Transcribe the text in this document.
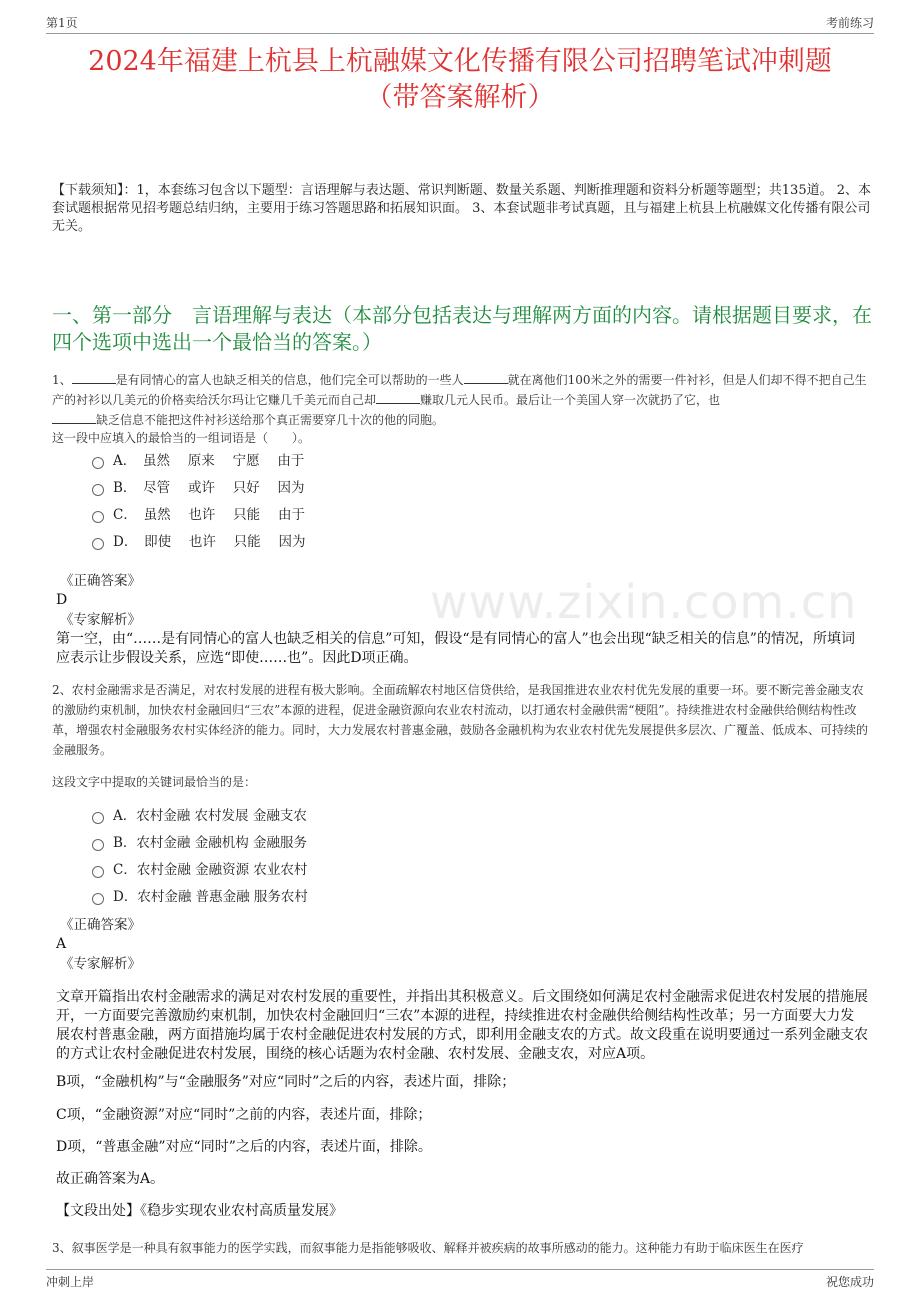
第1页	考前练习
2024年福建上杭县上杭融媒文化传播有限公司招聘笔试冲刺题
（带答案解析）
【下载须知】：1，本套练习包含以下题型：言语理解与表达题、常识判断题、数量关系题、判断推理题和资料分析题等题型；共135道。 2、本套试题根据常见招考题总结归纳，主要用于练习答题思路和拓展知识面。 3、本套试题非考试真题，且与福建上杭县上杭融媒文化传播有限公司无关。
一、第一部分　言语理解与表达（本部分包括表达与理解两方面的内容。请根据题目要求，在四个选项中选出一个最恰当的答案。）
www.zixin.com.cn
1、	是有同情心的富人也缺乏相关的信息，他们完全可以帮助的一些人	就在离他们100米之外的需要一件衬衫，但是人们却不得不把自己生产的衬衫以几美元的价格卖给沃尔玛让它赚几千美元而自己却	赚取几元人民币。最后让一个美国人穿一次就扔了它，也
缺乏信息不能把这件衬衫送给那个真正需要穿几十次的他的同胞。
这一段中应填入的最恰当的一组词语是（　　）。
A．　虽然　 原来　 宁愿　 由于
B．　尽管　 或许　 只好　 因为
C．　虽然　 也许　 只能　 由于
D．　即使　 也许　 只能　 因为
《正确答案》
D
《专家解析》
第一空，由“……是有同情心的富人也缺乏相关的信息”可知，假设“是有同情心的富人”也会出现“缺乏相关的信息”的情况，所填词应表示让步假设关系，应选“即使……也”。因此D项正确。
2、农村金融需求是否满足，对农村发展的进程有极大影响。全面疏解农村地区信贷供给，是我国推进农业农村优先发展的重要一环。要不断完善金融支农的激励约束机制，加快农村金融回归“三农”本源的进程，促进金融资源向农业农村流动，以打通农村金融供需“梗阻”。持续推进农村金融供给侧结构性改革，增强农村金融服务农村实体经济的能力。同时，大力发展农村普惠金融，鼓励各金融机构为农业农村优先发展提供多层次、广覆盖、低成本、可持续的金融服务。
这段文字中提取的关键词最恰当的是：
A．农村金融 农村发展 金融支农
B．农村金融 金融机构 金融服务
C．农村金融 金融资源 农业农村
D．农村金融 普惠金融 服务农村
《正确答案》
A
《专家解析》
文章开篇指出农村金融需求的满足对农村发展的重要性，并指出其积极意义。后文围绕如何满足农村金融需求促进农村发展的措施展开，一方面要完善激励约束机制，加快农村金融回归“三农”本源的进程，持续推进农村金融供给侧结构性改革；另一方面要大力发展农村普惠金融，两方面措施均属于农村金融促进农村发展的方式，即利用金融支农的方式。故文段重在说明要通过一系列金融支农的方式让农村金融促进农村发展，围绕的核心话题为农村金融、农村发展、金融支农，对应A项。
B项，“金融机构”与“金融服务”对应“同时”之后的内容，表述片面，排除；
C项，“金融资源”对应“同时”之前的内容，表述片面，排除；
D项，“普惠金融”对应“同时”之后的内容，表述片面，排除。
故正确答案为A。
【文段出处】《稳步实现农业农村高质量发展》
3、叙事医学是一种具有叙事能力的医学实践，而叙事能力是指能够吸收、解释并被疾病的故事所感动的能力。这种能力有助于临床医生在医疗
冲刺上岸	祝您成功
